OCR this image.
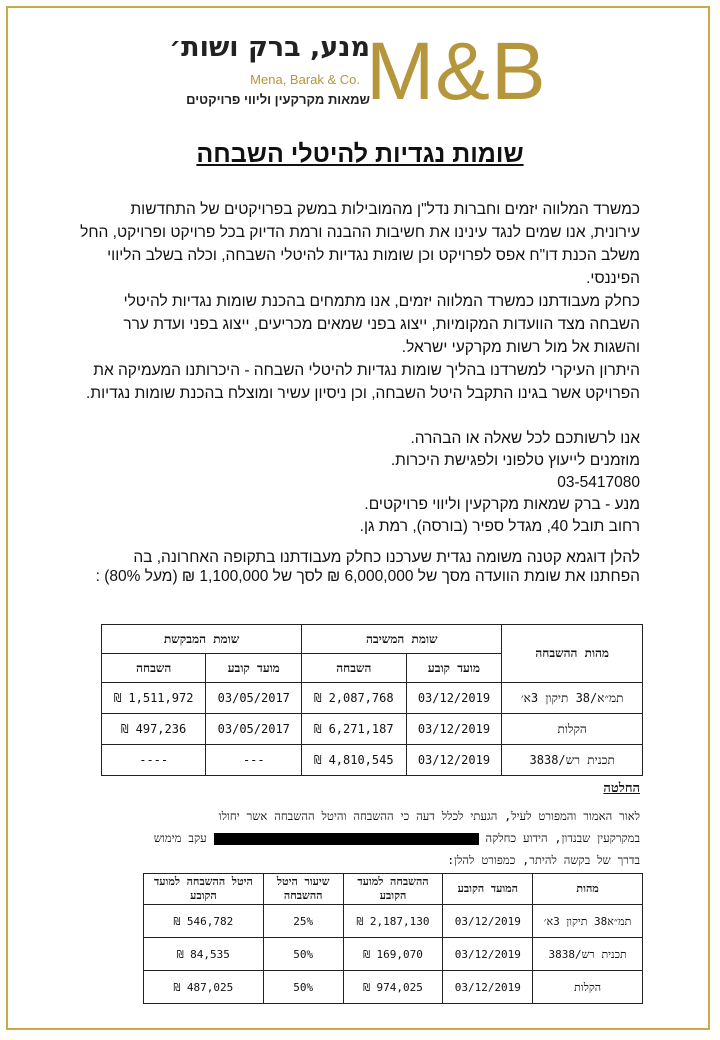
מנע, ברק ושות׳
Mena, Barak & Co.
שמאות מקרקעין וליווי פרויקטים
M&B
שומות נגדיות להיטלי השבחה

כמשרד המלווה יזמים וחברות נדל"ן מהמובילות במשק בפרויקטים של התחדשות עירונית, אנו שמים לנגד עינינו את חשיבות ההבנה ורמת הדיוק בכל פרויקט ופרויקט, החל משלב הכנת דו"ח אפס לפרויקט וכן שומות נגדיות להיטלי השבחה, וכלה בשלב הליווי הפיננסי.

כחלק מעבודתנו כמשרד המלווה יזמים, אנו מתמחים בהכנת שומות נגדיות להיטלי השבחה מצד הוועדות המקומיות, ייצוג בפני שמאים מכריעים, ייצוג בפני ועדת ערר והשגות אל מול רשות מקרקעי ישראל.

היתרון העיקרי למשרדנו בהליך שומות נגדיות להיטלי השבחה - היכרותנו המעמיקה את הפרויקט אשר בגינו התקבל היטל השבחה, וכן ניסיון עשיר ומוצלח בהכנת שומות נגדיות.

אנו לרשותכם לכל שאלה או הבהרה.

מוזמנים לייעוץ טלפוני ולפגישת היכרות.

03-5417080

מנע - ברק שמאות מקרקעין וליווי פרויקטים.

רחוב תובל 40, מגדל ספיר (בורסה), רמת גן.

להלן דוגמא קטנה משומה נגדית שערכנו כחלק מעבודתנו בתקופה האחרונה, בה הפחתנו את שומת הוועדה מסך של 6,000,000 ₪ לסך של 1,100,000 ₪ (מעל 80%) :
מהות ההשבחה	שומת המשיבה		שומת המבקשת	
	מועד קובע	השבחה	מועד קובע	השבחה
תמ״א/38 תיקון 3א׳	03/12/2019	2,087,768 ₪	03/05/2017	1,511,972 ₪
הקלות	03/12/2019	6,271,187 ₪	03/05/2017	497,236 ₪
תכנית רש/3838	03/12/2019	4,810,545 ₪	---	----
החלטה
לאור האמור והמפורט לעיל, הגעתי לכלל דעה כי ההשבחה והיטל ההשבחה אשר יחולו
במקרקעין שבנדון, הידוע כחלקה  עקב מימוש
בדרך של בקשה להיתר, כמפורט להלן:
מהות	המועד הקובע	ההשבחה למועד הקובע	שיעור היטל ההשבחה	היטל ההשבחה למועד הקובע
תמ״א38 תיקון 3א׳	03/12/2019	2,187,130 ₪	25%	546,782 ₪
תכנית רש/3838	03/12/2019	169,070 ₪	50%	84,535 ₪
הקלות	03/12/2019	974,025 ₪	50%	487,025 ₪
